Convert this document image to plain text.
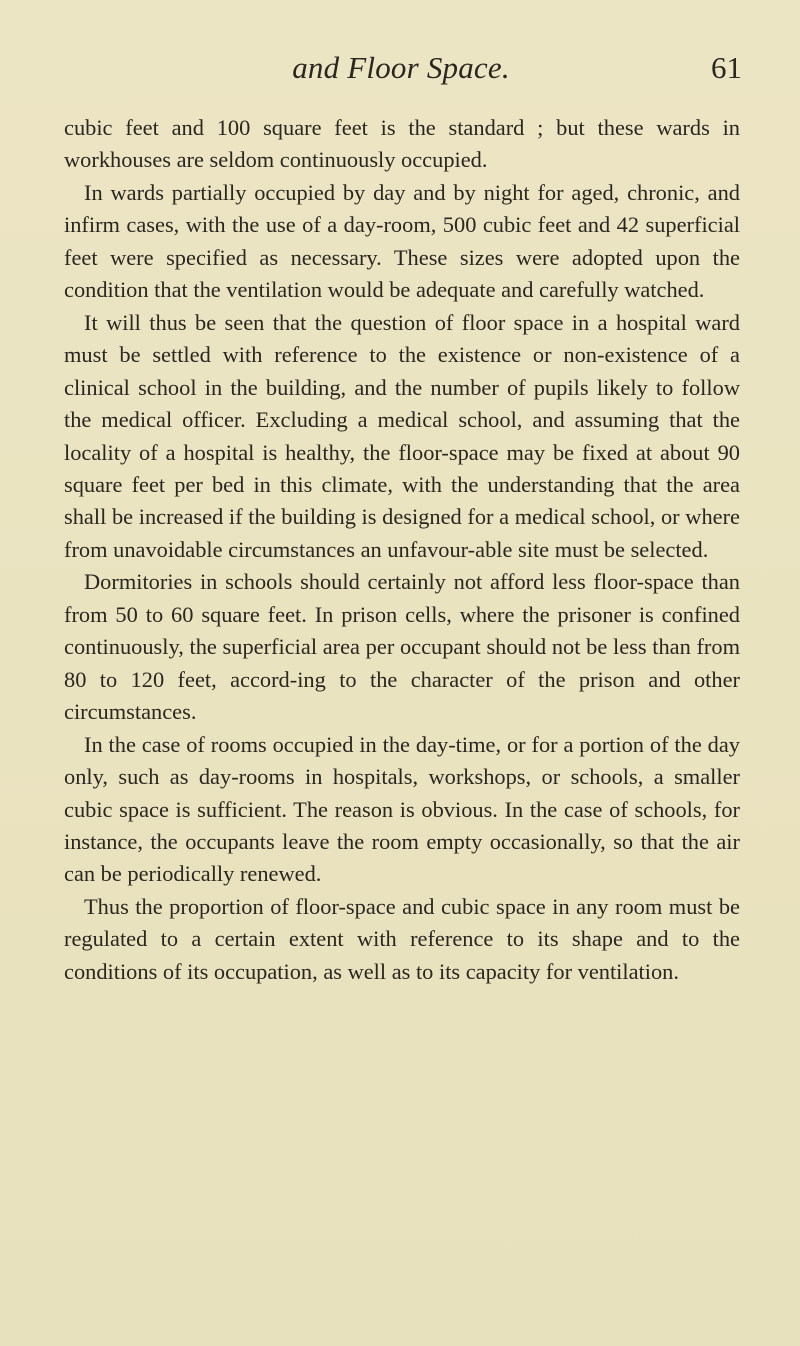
and Floor Space.	61

cubic feet and 100 square feet is the standard ; but these wards in workhouses are seldom continuously occupied.

In wards partially occupied by day and by night for aged, chronic, and infirm cases, with the use of a day-room, 500 cubic feet and 42 superficial feet were specified as necessary. These sizes were adopted upon the condition that the ventilation would be adequate and carefully watched.

It will thus be seen that the question of floor space in a hospital ward must be settled with reference to the existence or non-existence of a clinical school in the building, and the number of pupils likely to follow the medical officer. Excluding a medical school, and assuming that the locality of a hospital is healthy, the floor-space may be fixed at about 90 square feet per bed in this climate, with the understanding that the area shall be increased if the building is designed for a medical school, or where from unavoidable circumstances an unfavour-able site must be selected.

Dormitories in schools should certainly not afford less floor-space than from 50 to 60 square feet. In prison cells, where the prisoner is confined continuously, the superficial area per occupant should not be less than from 80 to 120 feet, accord-ing to the character of the prison and other circumstances.

In the case of rooms occupied in the day-time, or for a portion of the day only, such as day-rooms in hospitals, workshops, or schools, a smaller cubic space is sufficient. The reason is obvious. In the case of schools, for instance, the occupants leave the room empty occasionally, so that the air can be periodically renewed.

Thus the proportion of floor-space and cubic space in any room must be regulated to a certain extent with reference to its shape and to the conditions of its occupation, as well as to its capacity for ventilation.
